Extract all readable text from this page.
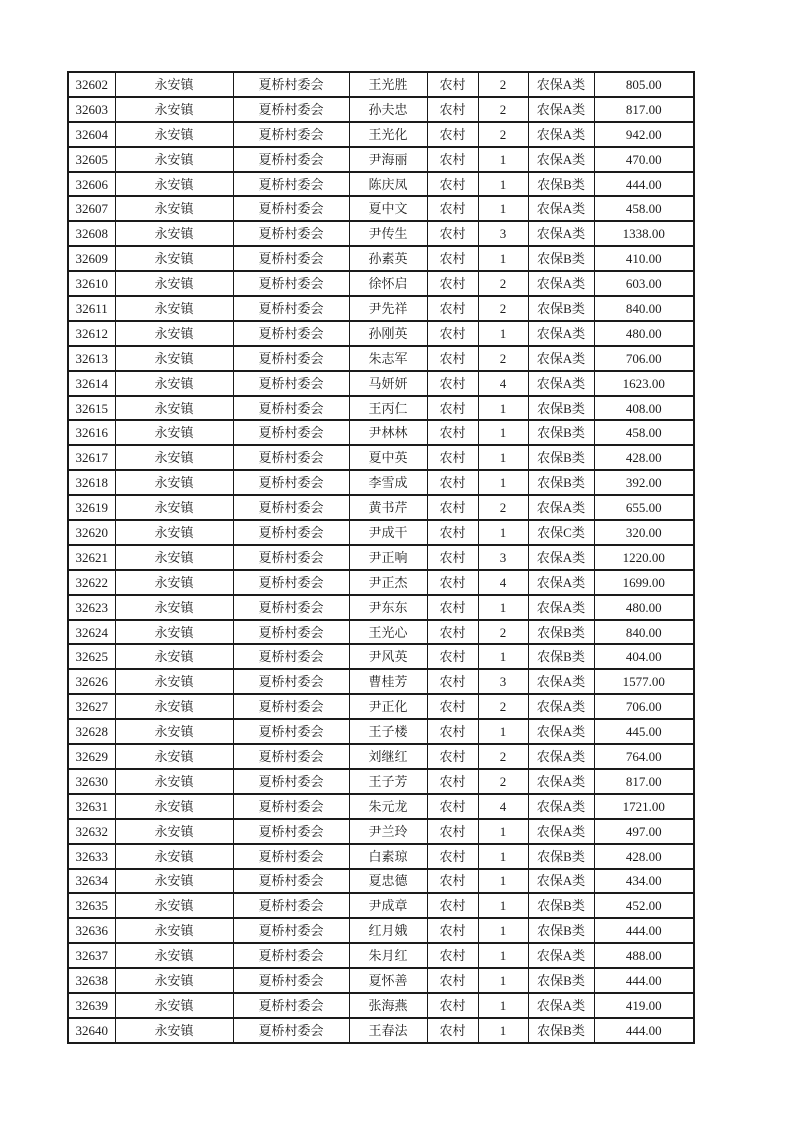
32602	永安镇	夏桥村委会	王光胜	农村	2	农保A类	805.00
32603	永安镇	夏桥村委会	孙夫忠	农村	2	农保A类	817.00
32604	永安镇	夏桥村委会	王光化	农村	2	农保A类	942.00
32605	永安镇	夏桥村委会	尹海丽	农村	1	农保A类	470.00
32606	永安镇	夏桥村委会	陈庆凤	农村	1	农保B类	444.00
32607	永安镇	夏桥村委会	夏中文	农村	1	农保A类	458.00
32608	永安镇	夏桥村委会	尹传生	农村	3	农保A类	1338.00
32609	永安镇	夏桥村委会	孙素英	农村	1	农保B类	410.00
32610	永安镇	夏桥村委会	徐怀启	农村	2	农保A类	603.00
32611	永安镇	夏桥村委会	尹先祥	农村	2	农保B类	840.00
32612	永安镇	夏桥村委会	孙刚英	农村	1	农保A类	480.00
32613	永安镇	夏桥村委会	朱志军	农村	2	农保A类	706.00
32614	永安镇	夏桥村委会	马妍妍	农村	4	农保A类	1623.00
32615	永安镇	夏桥村委会	王丙仁	农村	1	农保B类	408.00
32616	永安镇	夏桥村委会	尹林林	农村	1	农保B类	458.00
32617	永安镇	夏桥村委会	夏中英	农村	1	农保B类	428.00
32618	永安镇	夏桥村委会	李雪成	农村	1	农保B类	392.00
32619	永安镇	夏桥村委会	黄书芹	农村	2	农保A类	655.00
32620	永安镇	夏桥村委会	尹成干	农村	1	农保C类	320.00
32621	永安镇	夏桥村委会	尹正响	农村	3	农保A类	1220.00
32622	永安镇	夏桥村委会	尹正杰	农村	4	农保A类	1699.00
32623	永安镇	夏桥村委会	尹东东	农村	1	农保A类	480.00
32624	永安镇	夏桥村委会	王光心	农村	2	农保B类	840.00
32625	永安镇	夏桥村委会	尹风英	农村	1	农保B类	404.00
32626	永安镇	夏桥村委会	曹桂芳	农村	3	农保A类	1577.00
32627	永安镇	夏桥村委会	尹正化	农村	2	农保A类	706.00
32628	永安镇	夏桥村委会	王子楼	农村	1	农保A类	445.00
32629	永安镇	夏桥村委会	刘继红	农村	2	农保A类	764.00
32630	永安镇	夏桥村委会	王子芳	农村	2	农保A类	817.00
32631	永安镇	夏桥村委会	朱元龙	农村	4	农保A类	1721.00
32632	永安镇	夏桥村委会	尹兰玲	农村	1	农保A类	497.00
32633	永安镇	夏桥村委会	白素琼	农村	1	农保B类	428.00
32634	永安镇	夏桥村委会	夏忠德	农村	1	农保A类	434.00
32635	永安镇	夏桥村委会	尹成章	农村	1	农保B类	452.00
32636	永安镇	夏桥村委会	红月娥	农村	1	农保B类	444.00
32637	永安镇	夏桥村委会	朱月红	农村	1	农保A类	488.00
32638	永安镇	夏桥村委会	夏怀善	农村	1	农保B类	444.00
32639	永安镇	夏桥村委会	张海燕	农村	1	农保A类	419.00
32640	永安镇	夏桥村委会	王春法	农村	1	农保B类	444.00
